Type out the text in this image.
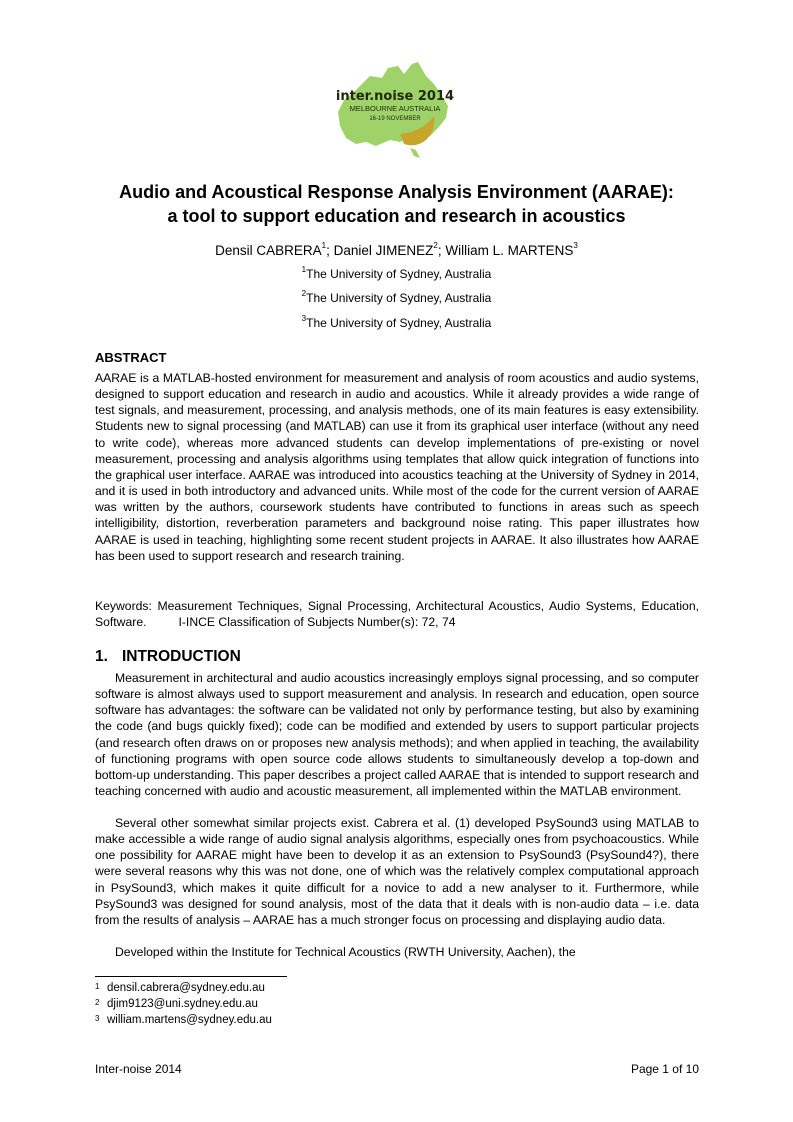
inter.noise 2014
MELBOURNE AUSTRALIA
16-19 NOVEMBER
Audio and Acoustical Response Analysis Environment (AARAE):
a tool to support education and research in acoustics
Densil CABRERA$^1$; Daniel JIMENEZ$^2$; William L. MARTENS$^3$
$^1$The University of Sydney, Australia
$^2$The University of Sydney, Australia
$^3$The University of Sydney, Australia
ABSTRACT

AARAE is a MATLAB-hosted environment for measurement and analysis of room acoustics and audio systems, designed to support education and research in audio and acoustics. While it already provides a wide range of test signals, and measurement, processing, and analysis methods, one of its main features is easy extensibility. Students new to signal processing (and MATLAB) can use it from its graphical user interface (without any need to write code), whereas more advanced students can develop implementations of pre-existing or novel measurement, processing and analysis algorithms using templates that allow quick integration of functions into the graphical user interface. AARAE was introduced into acoustics teaching at the University of Sydney in 2014, and it is used in both introductory and advanced units. While most of the code for the current version of AARAE was written by the authors, coursework students have contributed to functions in areas such as speech intelligibility, distortion, reverberation parameters and background noise rating. This paper illustrates how AARAE is used in teaching, highlighting some recent student projects in AARAE. It also illustrates how AARAE has been used to support research and research training.

Keywords: Measurement Techniques, Signal Processing, Architectural Acoustics, Audio Systems, Education, Software.	I-INCE Classification of Subjects Number(s): 72, 74

1. INTRODUCTION

Measurement in architectural and audio acoustics increasingly employs signal processing, and so computer software is almost always used to support measurement and analysis. In research and education, open source software has advantages: the software can be validated not only by performance testing, but also by examining the code (and bugs quickly fixed); code can be modified and extended by users to support particular projects (and research often draws on or proposes new analysis methods); and when applied in teaching, the availability of functioning programs with open source code allows students to simultaneously develop a top-down and bottom-up understanding. This paper describes a project called AARAE that is intended to support research and teaching concerned with audio and acoustic measurement, all implemented within the MATLAB environment.

Several other somewhat similar projects exist. Cabrera et al. (1) developed PsySound3 using MATLAB to make accessible a wide range of audio signal analysis algorithms, especially ones from psychoacoustics. While one possibility for AARAE might have been to develop it as an extension to PsySound3 (PsySound4?), there were several reasons why this was not done, one of which was the relatively complex computational approach in PsySound3, which makes it quite difficult for a novice to add a new analyser to it. Furthermore, while PsySound3 was designed for sound analysis, most of the data that it deals with is non-audio data – i.e. data from the results of analysis – AARAE has a much stronger focus on processing and displaying audio data.

Developed within the Institute for Technical Acoustics (RWTH University, Aachen), the

1 densil.cabrera@sydney.edu.au
2 djim9123@uni.sydney.edu.au
3 william.martens@sydney.edu.au
Inter-noise 2014	Page 1 of 10
